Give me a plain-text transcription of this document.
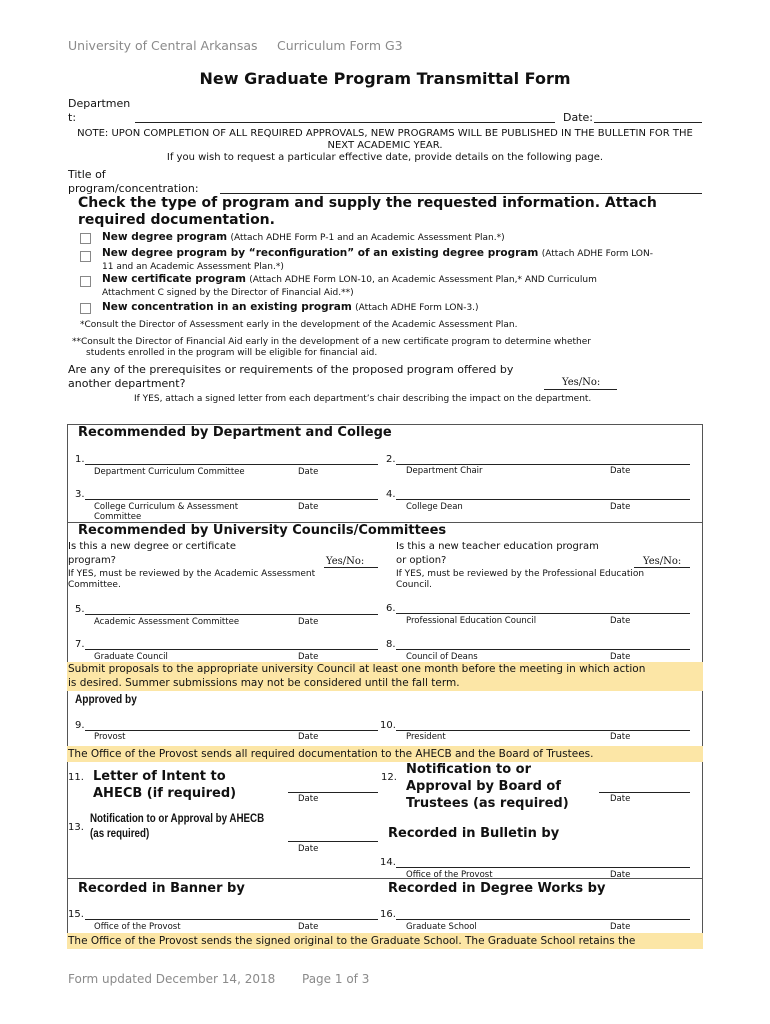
University of Central Arkansas Curriculum Form G3
New Graduate Program Transmittal Form
Departmen
t:	Date:
NOTE: UPON COMPLETION OF ALL REQUIRED APPROVALS, NEW PROGRAMS WILL BE PUBLISHED IN THE BULLETIN FOR THE
NEXT ACADEMIC YEAR.
If you wish to request a particular effective date, provide details on the following page.
Title of
program/concentration:
Check the type of program and supply the requested information. Attach
required documentation.
New degree program (Attach ADHE Form P-1 and an Academic Assessment Plan.*)
New degree program by “reconfiguration” of an existing degree program (Attach ADHE Form LON-
11 and an Academic Assessment Plan.*)
New certificate program (Attach ADHE Form LON-10, an Academic Assessment Plan,* AND Curriculum
Attachment C signed by the Director of Financial Aid.**)
New concentration in an existing program (Attach ADHE Form LON-3.)
*Consult the Director of Assessment early in the development of the Academic Assessment Plan.
**Consult the Director of Financial Aid early in the development of a new certificate program to determine whether
students enrolled in the program will be eligible for financial aid.
Are any of the prerequisites or requirements of the proposed program offered by
another department?	Yes/No:
If YES, attach a signed letter from each department’s chair describing the impact on the department.
Recommended by Department and College
1.
Department Curriculum Committee	Date
2.
Department Chair	Date
3.
College Curriculum & Assessment
Committee
Date
4.
College Dean	Date
Recommended by University Councils/Committees
Is this a new degree or certificate
program?	Yes/No:
If YES, must be reviewed by the Academic Assessment
Committee.
Is this a new teacher education program
or option?	Yes/No:
If YES, must be reviewed by the Professional Education
Council.
5.
Academic Assessment Committee	Date
6.
Professional Education Council	Date
7.
Graduate Council	Date
8.
Council of Deans	Date
Submit proposals to the appropriate university Council at least one month before the meeting in which action
is desired. Summer submissions may not be considered until the fall term.
Approved by
9.
Provost	Date
10.
President	Date
The Office of the Provost sends all required documentation to the AHECB and the Board of Trustees.
11. Letter of Intent to
AHECB (if required)	Date
12.
Notification to or
Approval by Board of
Trustees (as required)	Date
13.
Notification to or Approval by AHECB
(as required)
Date
Recorded in Bulletin by
14.
Office of the Provost	Date
Recorded in Banner by	Recorded in Degree Works by
15.
Office of the Provost	Date
16.
Graduate School	Date
The Office of the Provost sends the signed original to the Graduate School. The Graduate School retains the
Form updated December 14, 2018 Page 1 of 3
